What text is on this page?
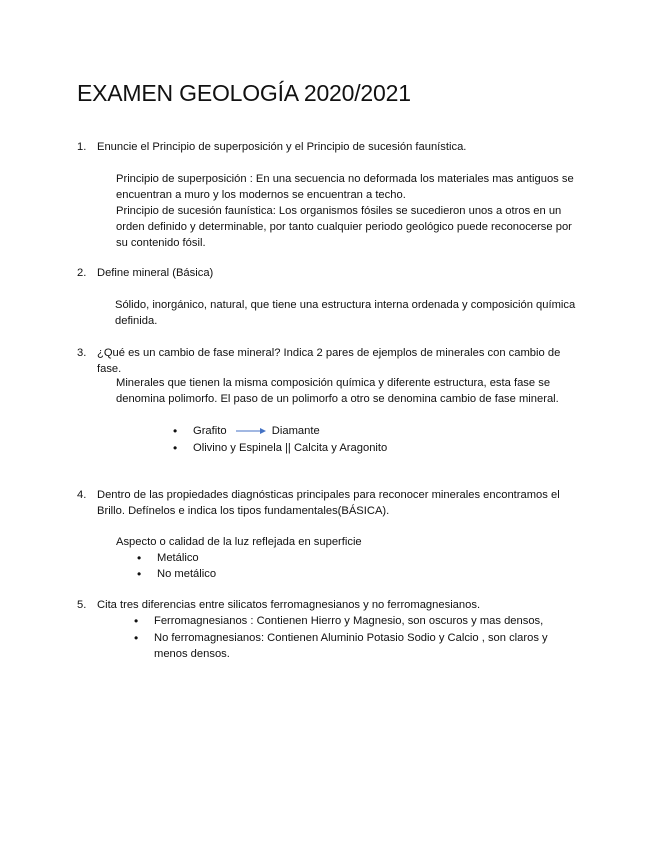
EXAMEN GEOLOGÍA 2020/2021
1. Enuncie el Principio de superposición y el Principio de sucesión faunística.

Principio de superposición : En una secuencia no deformada los materiales mas antiguos se encuentran a muro y los modernos se encuentran a techo.

Principio de sucesión faunística: Los organismos fósiles se sucedieron unos a otros en un orden definido y determinable, por tanto cualquier periodo geológico puede reconocerse por su contenido fósil.

2. Define mineral (Básica)

Sólido, inorgánico, natural, que tiene una estructura interna ordenada y composición química definida.

3. ¿Qué es un cambio de fase mineral? Indica 2 pares de ejemplos de minerales con cambio de fase.

Minerales que tienen la misma composición química y diferente estructura, esta fase se denomina polimorfo. El paso de un polimorfo a otro se denomina cambio de fase mineral.

• Grafito	Diamante
• Olivino y Espinela || Calcita y Aragonito
4. Dentro de las propiedades diagnósticas principales para reconocer minerales encontramos el Brillo. Defínelos e indica los tipos fundamentales(BÁSICA).

Aspecto o calidad de la luz reflejada en superficie

• Metálico
• No metálico
5. Cita tres diferencias entre silicatos ferromagnesianos y no ferromagnesianos.
• Ferromagnesianos : Contienen Hierro y Magnesio, son oscuros y mas densos,
• No ferromagnesianos: Contienen Aluminio Potasio Sodio y Calcio , son claros y menos densos.
